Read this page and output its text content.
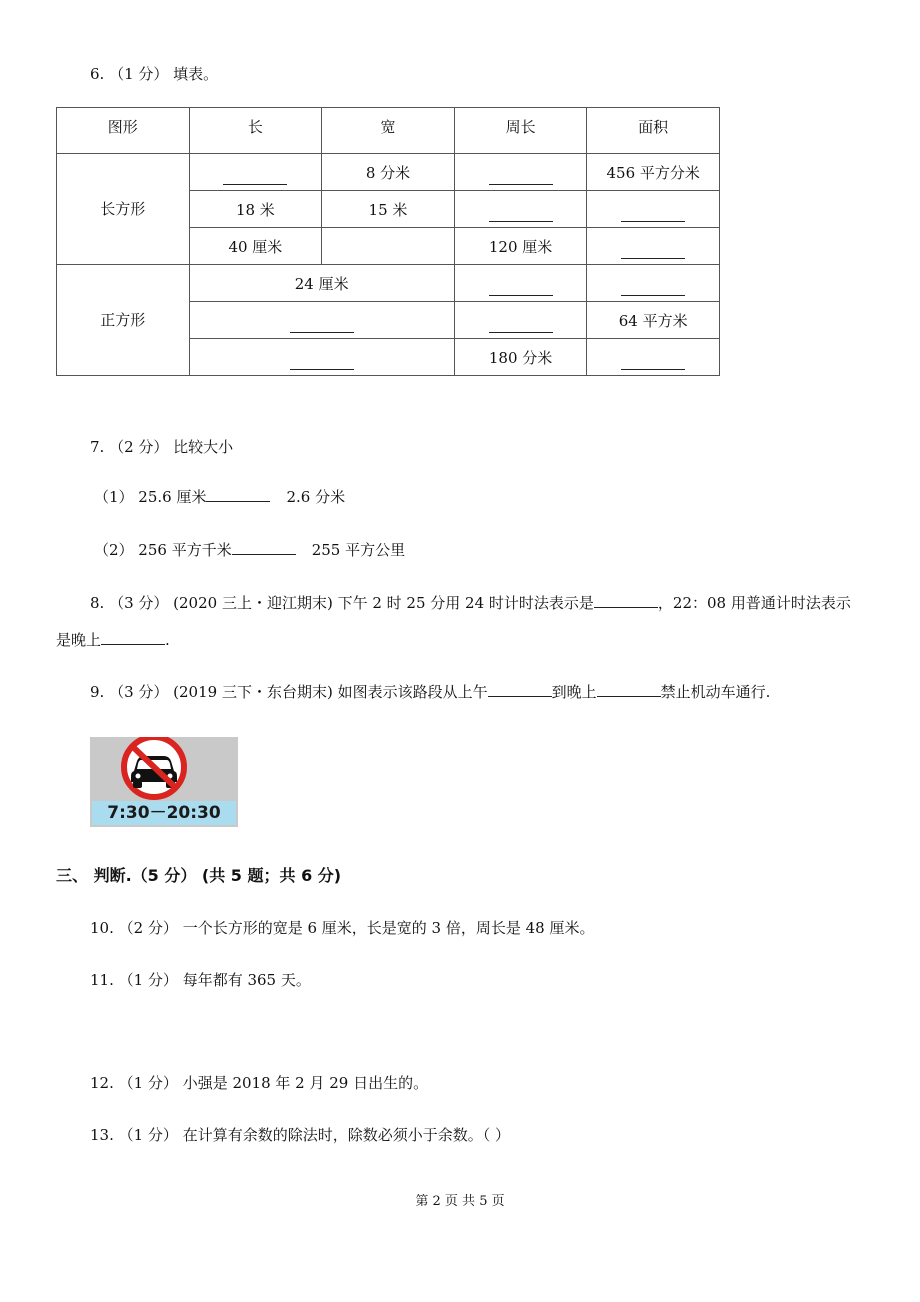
6. （1 分） 填表。
图形	长	宽	周长	面积
长方形		8 分米		456 平方分米
	18 米	15 米		
	40 厘米		120 厘米	
正方形	24 厘米			
				64 平方米
			180 分米	
7. （2 分） 比较大小
（1） 25.6 厘米	2.6 分米
（2） 256 平方千米	255 平方公里
8. （3 分） (2020 三上・迎江期末) 下午 2 时 25 分用 24 时计时法表示是	，22：08 用普通计时法表示
是晚上	.
9. （3 分） (2019 三下・东台期末) 如图表示该路段从上午	到晚上	禁止机动车通行.
7:30－20:30
三、 判断.（5 分） (共 5 题；共 6 分)
10. （2 分） 一个长方形的宽是 6 厘米，长是宽的 3 倍，周长是 48 厘米。
11. （1 分） 每年都有 365 天。
12. （1 分） 小强是 2018 年 2 月 29 日出生的。
13. （1 分） 在计算有余数的除法时，除数必须小于余数。（ ）
第 2 页 共 5 页
